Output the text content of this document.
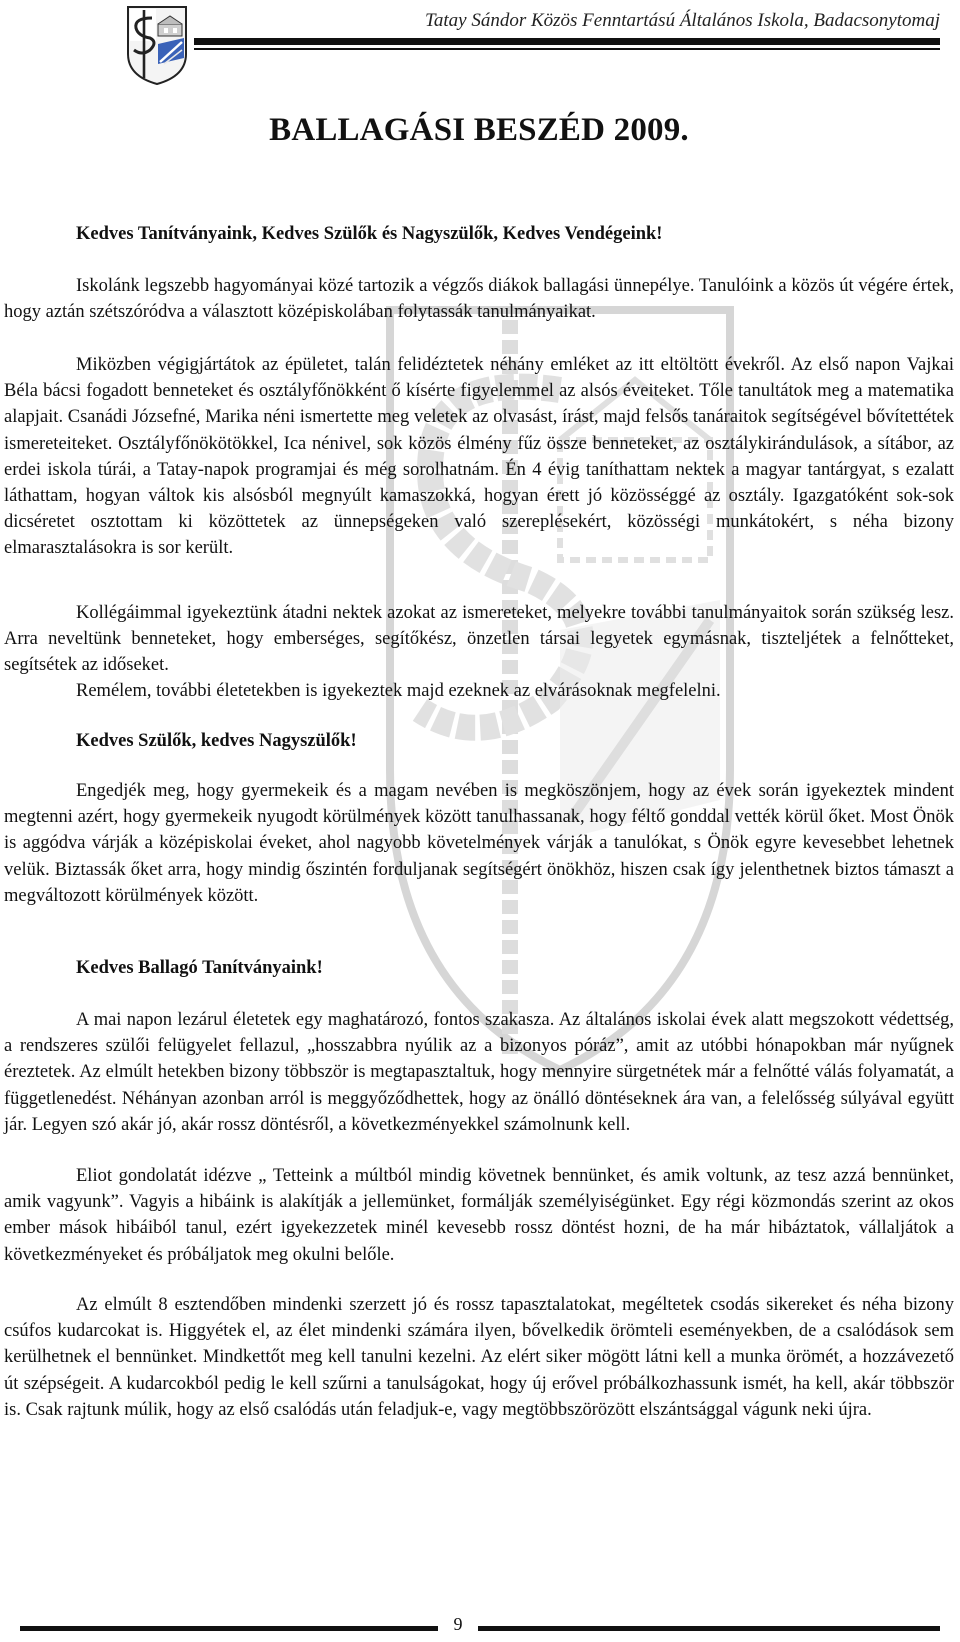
Tatay Sándor Közös Fenntartású Általános Iskola, Badacsonytomaj
BALLAGÁSI BESZÉD 2009.

Kedves Tanítványaink, Kedves Szülők és Nagyszülők, Kedves Vendégeink!

Iskolánk legszebb hagyományai közé tartozik a végzős diákok ballagási ünnepélye. Tanulóink a közös út végére értek, hogy aztán szétszóródva a választott középiskolában folytassák tanulmányaikat.

Miközben végigjártátok az épületet, talán felidéztetek néhány emléket az itt eltöltött évekről. Az első napon Vajkai Béla bácsi fogadott benneteket és osztályfőnökként ő kísérte figyelemmel az alsós éveiteket. Tőle tanultátok meg a matematika alapjait. Csanádi Józsefné, Marika néni ismertette meg veletek az olvasást, írást, majd felsős tanáraitok segítségével bővítettétek ismereteiteket. Osztályfőnökötökkel, Ica nénivel, sok közös élmény fűz össze benneteket, az osztálykirándulások, a sítábor, az erdei iskola túrái, a Tatay-napok programjai és még sorolhatnám. Én 4 évig taníthattam nektek a magyar tantárgyat, s ezalatt láthattam, hogyan váltok kis alsósból megnyúlt kamaszokká, hogyan érett jó közösséggé az osztály. Igazgatóként sok-sok dicséretet osztottam ki közöttetek az ünnepségeken való szereplésekért, közösségi munkátokért, s néha bizony elmarasztalásokra is sor került.

Kollégáimmal igyekeztünk átadni nektek azokat az ismereteket, melyekre további tanulmányaitok során szükség lesz. Arra neveltünk benneteket, hogy emberséges, segítőkész, önzetlen társai legyetek egymásnak, tiszteljétek a felnőtteket, segítsétek az időseket.

Remélem, további életetekben is igyekeztek majd ezeknek az elvárásoknak megfelelni.

Kedves Szülők, kedves Nagyszülők!

Engedjék meg, hogy gyermekeik és a magam nevében is megköszönjem, hogy az évek során igyekeztek mindent megtenni azért, hogy gyermekeik nyugodt körülmények között tanulhassanak, hogy féltő gonddal vették körül őket. Most Önök is aggódva várják a középiskolai éveket, ahol nagyobb követelmények várják a tanulókat, s Önök egyre kevesebbet lehetnek velük. Biztassák őket arra, hogy mindig őszintén forduljanak segítségért önökhöz, hiszen csak így jelenthetnek biztos támaszt a megváltozott körülmények között.

Kedves Ballagó Tanítványaink!

A mai napon lezárul életetek egy maghatározó, fontos szakasza. Az általános iskolai évek alatt megszokott védettség, a rendszeres szülői felügyelet fellazul, „hosszabbra nyúlik az a bizonyos póráz”, amit az utóbbi hónapokban már nyűgnek éreztetek. Az elmúlt hetekben bizony többször is megtapasztaltuk, hogy mennyire sürgetnétek már a felnőtté válás folyamatát, a függetlenedést. Néhányan azonban arról is meggyőződhettek, hogy az önálló döntéseknek ára van, a felelősség súlyával együtt jár. Legyen szó akár jó, akár rossz döntésről, a következményekkel számolnunk kell.

Eliot gondolatát idézve „ Tetteink a múltból mindig követnek bennünket, és amik voltunk, az tesz azzá bennünket, amik vagyunk”. Vagyis a hibáink is alakítják a jellemünket, formálják személyiségünket. Egy régi közmondás szerint az okos ember mások hibáiból tanul, ezért igyekezzetek minél kevesebb rossz döntést hozni, de ha már hibáztatok, vállaljátok a következményeket és próbáljatok meg okulni belőle.

Az elmúlt 8 esztendőben mindenki szerzett jó és rossz tapasztalatokat, megéltetek csodás sikereket és néha bizony csúfos kudarcokat is. Higgyétek el, az élet mindenki számára ilyen, bővelkedik örömteli eseményekben, de a csalódások sem kerülhetnek el bennünket. Mindkettőt meg kell tanulni kezelni. Az elért siker mögött látni kell a munka örömét, a hozzávezető út szépségeit. A kudarcokból pedig le kell szűrni a tanulságokat, hogy új erővel próbálkozhassunk ismét, ha kell, akár többször is. Csak rajtunk múlik, hogy az első csalódás után feladjuk-e, vagy megtöbbszörözött elszántsággal vágunk neki újra.

9
